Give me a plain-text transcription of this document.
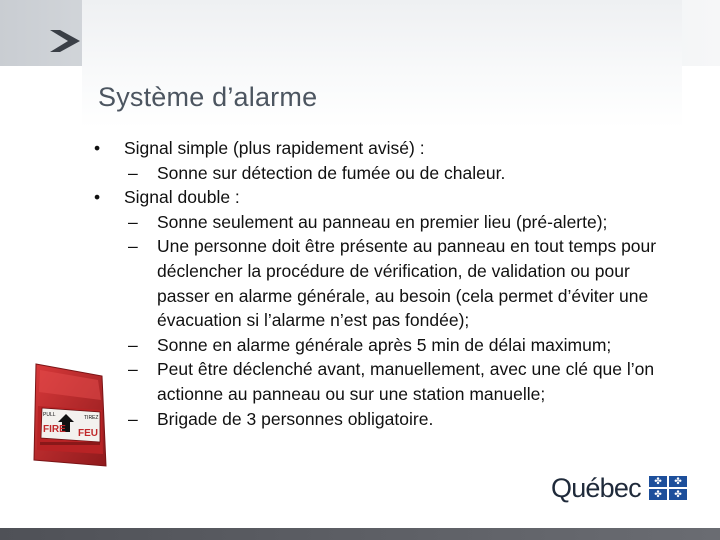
Système d’alarme
• Signal simple (plus rapidement avisé) :
– Sonne sur détection de fumée ou de chaleur.
• Signal double :
– Sonne seulement au panneau en premier lieu (pré-alerte);
– Une personne doit être présente au panneau en tout temps pour déclencher la procédure de vérification, de validation ou pour passer en alarme générale, au besoin (cela permet d’éviter une évacuation si l’alarme n’est pas fondée);
– Sonne en alarme générale après 5 min de délai maximum;
– Peut être déclenché avant, manuellement, avec une clé que l’on actionne au panneau ou sur une station manuelle;
– Brigade de 3 personnes obligatoire.
PULL	TIREZ
FIRE FEU
Québec	✤	✤
✤	✤
